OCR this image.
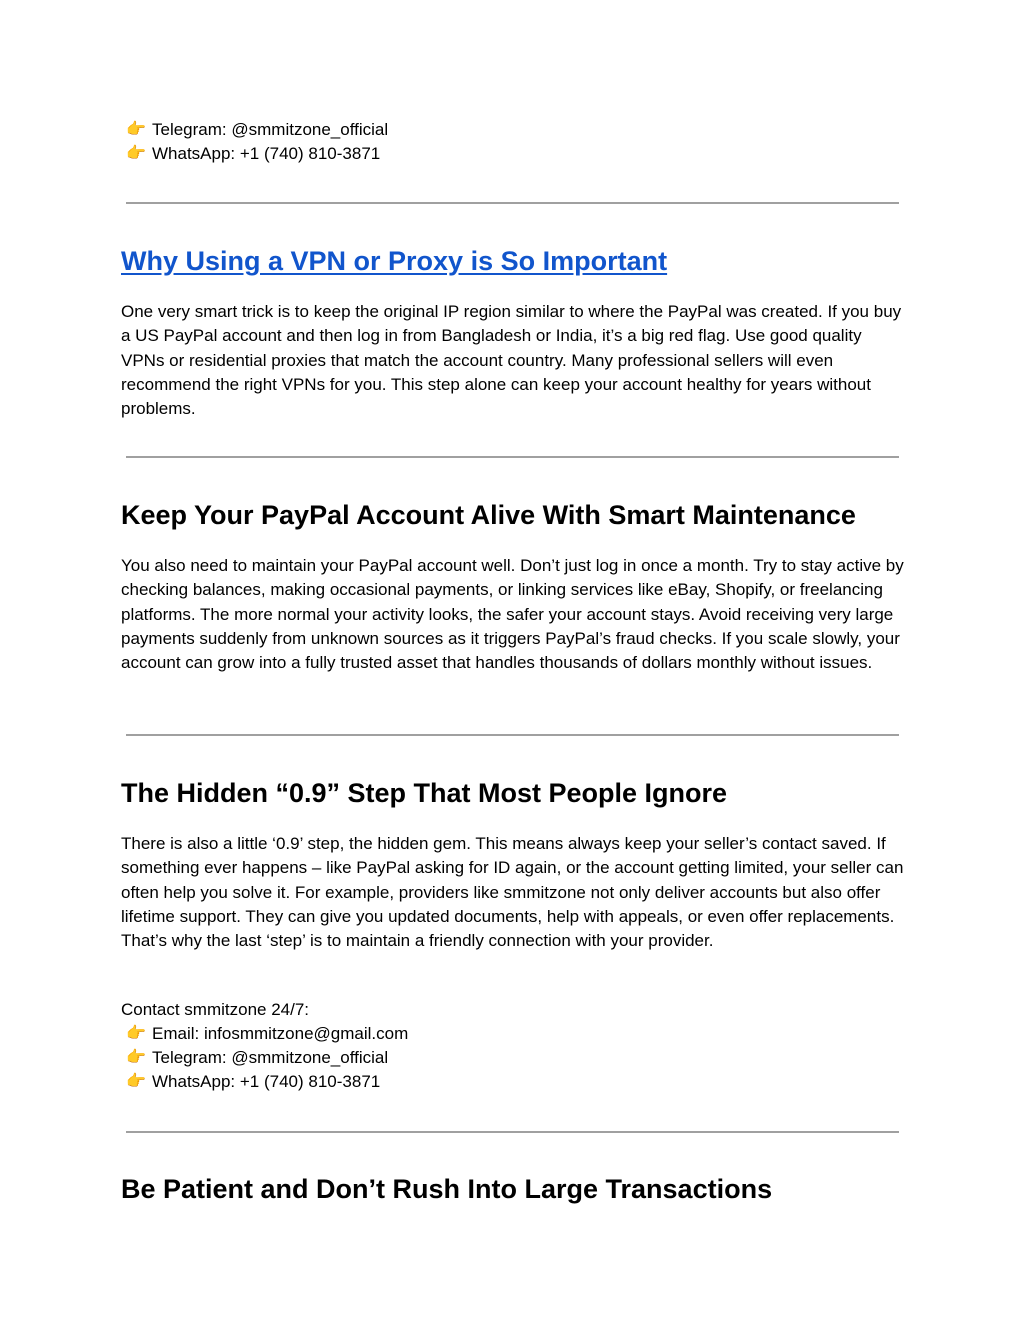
👉 Telegram: @smmitzone_official
👉 WhatsApp: +1 (740) 810-3871
Why Using a VPN or Proxy is So Important

One very smart trick is to keep the original IP region similar to where the PayPal was created. If you buy a US PayPal account and then log in from Bangladesh or India, it’s a big red flag. Use good quality VPNs or residential proxies that match the account country. Many professional sellers will even recommend the right VPNs for you. This step alone can keep your account healthy for years without problems.

Keep Your PayPal Account Alive With Smart Maintenance

You also need to maintain your PayPal account well. Don’t just log in once a month. Try to stay active by checking balances, making occasional payments, or linking services like eBay, Shopify, or freelancing platforms. The more normal your activity looks, the safer your account stays. Avoid receiving very large payments suddenly from unknown sources as it triggers PayPal’s fraud checks. If you scale slowly, your account can grow into a fully trusted asset that handles thousands of dollars monthly without issues.

The Hidden “0.9” Step That Most People Ignore

There is also a little ‘0.9’ step, the hidden gem. This means always keep your seller’s contact saved. If something ever happens – like PayPal asking for ID again, or the account getting limited, your seller can often help you solve it. For example, providers like smmitzone not only deliver accounts but also offer lifetime support. They can give you updated documents, help with appeals, or even offer replacements. That’s why the last ‘step’ is to maintain a friendly connection with your provider.

Contact smmitzone 24/7:
👉 Email: infosmmitzone@gmail.com
👉 Telegram: @smmitzone_official
👉 WhatsApp: +1 (740) 810-3871
Be Patient and Don’t Rush Into Large Transactions
